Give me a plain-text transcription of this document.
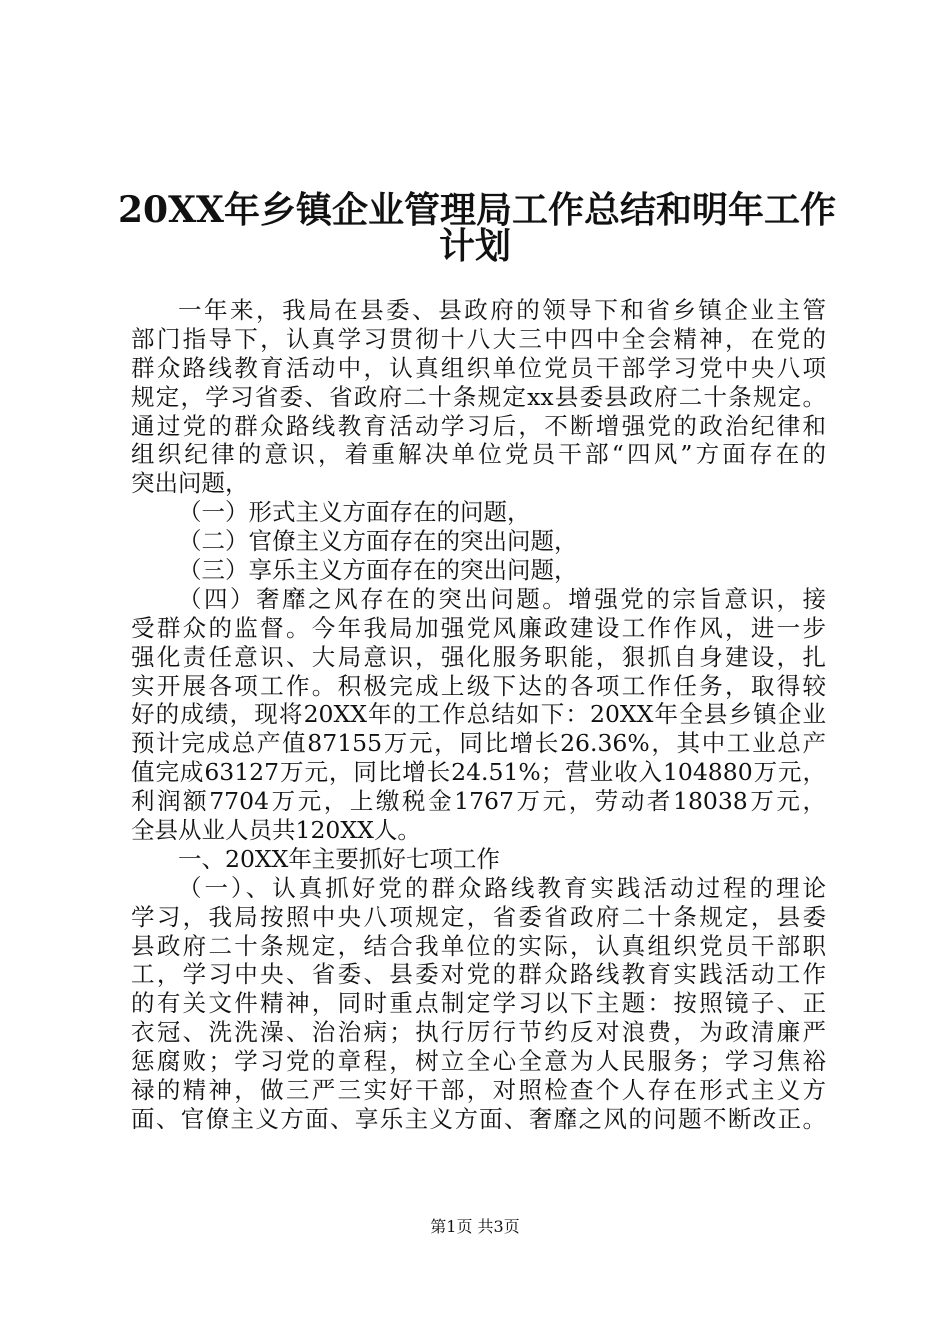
20XX年乡镇企业管理局工作总结和明年工作
计划
一年来，我局在县委、县政府的领导下和省乡镇企业主管
部门指导下，认真学习贯彻十八大三中四中全会精神，在党的
群众路线教育活动中，认真组织单位党员干部学习党中央八项
规定，学习省委、省政府二十条规定xx县委县政府二十条规定。
通过党的群众路线教育活动学习后，不断增强党的政治纪律和
组织纪律的意识，着重解决单位党员干部“四风”方面存在的
突出问题，
（一）形式主义方面存在的问题，
（二）官僚主义方面存在的突出问题，
（三）享乐主义方面存在的突出问题，
（四）奢靡之风存在的突出问题。增强党的宗旨意识，接
受群众的监督。今年我局加强党风廉政建设工作作风，进一步
强化责任意识、大局意识，强化服务职能，狠抓自身建设，扎
实开展各项工作。积极完成上级下达的各项工作任务，取得较
好的成绩，现将20XX年的工作总结如下：20XX年全县乡镇企业
预计完成总产值87155万元，同比增长26.36%，其中工业总产
值完成63127万元，同比增长24.51%；营业收入104880万元，
利润额7704万元，上缴税金1767万元，劳动者18038万元，
全县从业人员共120XX人。
一、20XX年主要抓好七项工作
（一）、认真抓好党的群众路线教育实践活动过程的理论
学习，我局按照中央八项规定，省委省政府二十条规定，县委
县政府二十条规定，结合我单位的实际，认真组织党员干部职
工，学习中央、省委、县委对党的群众路线教育实践活动工作
的有关文件精神，同时重点制定学习以下主题：按照镜子、正
衣冠、洗洗澡、治治病；执行厉行节约反对浪费，为政清廉严
惩腐败；学习党的章程，树立全心全意为人民服务；学习焦裕
禄的精神，做三严三实好干部，对照检查个人存在形式主义方
面、官僚主义方面、享乐主义方面、奢靡之风的问题不断改正。
第1页 共3页
